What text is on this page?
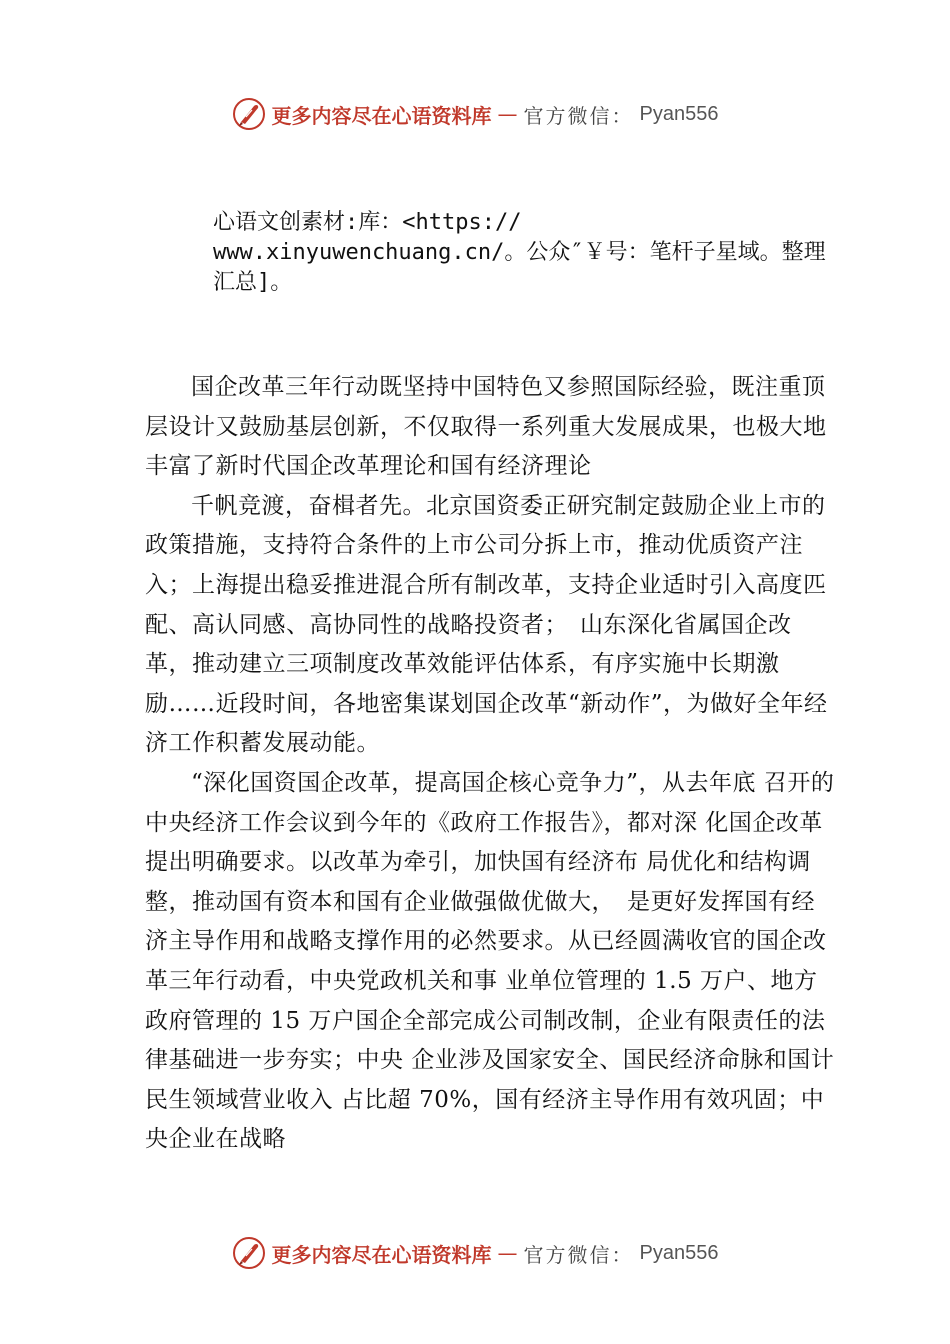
更多内容尽在心语资料库 — 官方微信： Pyan556

心语文创素材:库：<https:// www.xinyuwenchuang.cn/。公众″￥号：笔杆子星域。整理汇总]。

国企改革三年行动既坚持中国特色又参照国际经验，既注重顶层设计又鼓励基层创新，不仅取得一系列重大发展成果，也极大地丰富了新时代国企改革理论和国有经济理论

千帆竞渡，奋楫者先。北京国资委正研究制定鼓励企业上市的政策措施，支持符合条件的上市公司分拆上市，推动优质资产注入；上海提出稳妥推进混合所有制改革，支持企业适时引入高度匹配、高认同感、高协同性的战略投资者；　山东深化省属国企改革，推动建立三项制度改革效能评估体系，有序实施中长期激励……近段时间，各地密集谋划国企改革“新动作”，为做好全年经济工作积蓄发展动能。

“深化国资国企改革，提高国企核心竞争力”，从去年底 召开的中央经济工作会议到今年的《政府工作报告》，都对深 化国企改革提出明确要求。以改革为牵引，加快国有经济布 局优化和结构调整，推动国有资本和国有企业做强做优做大，　是更好发挥国有经济主导作用和战略支撑作用的必然要求。从已经圆满收官的国企改革三年行动看，中央党政机关和事 业单位管理的 1.5 万户、地方政府管理的 15 万户国企全部完成公司制改制，企业有限责任的法律基础进一步夯实；中央 企业涉及国家安全、国民经济命脉和国计民生领域营业收入 占比超 70%，国有经济主导作用有效巩固；中央企业在战略

更多内容尽在心语资料库 — 官方微信： Pyan556
